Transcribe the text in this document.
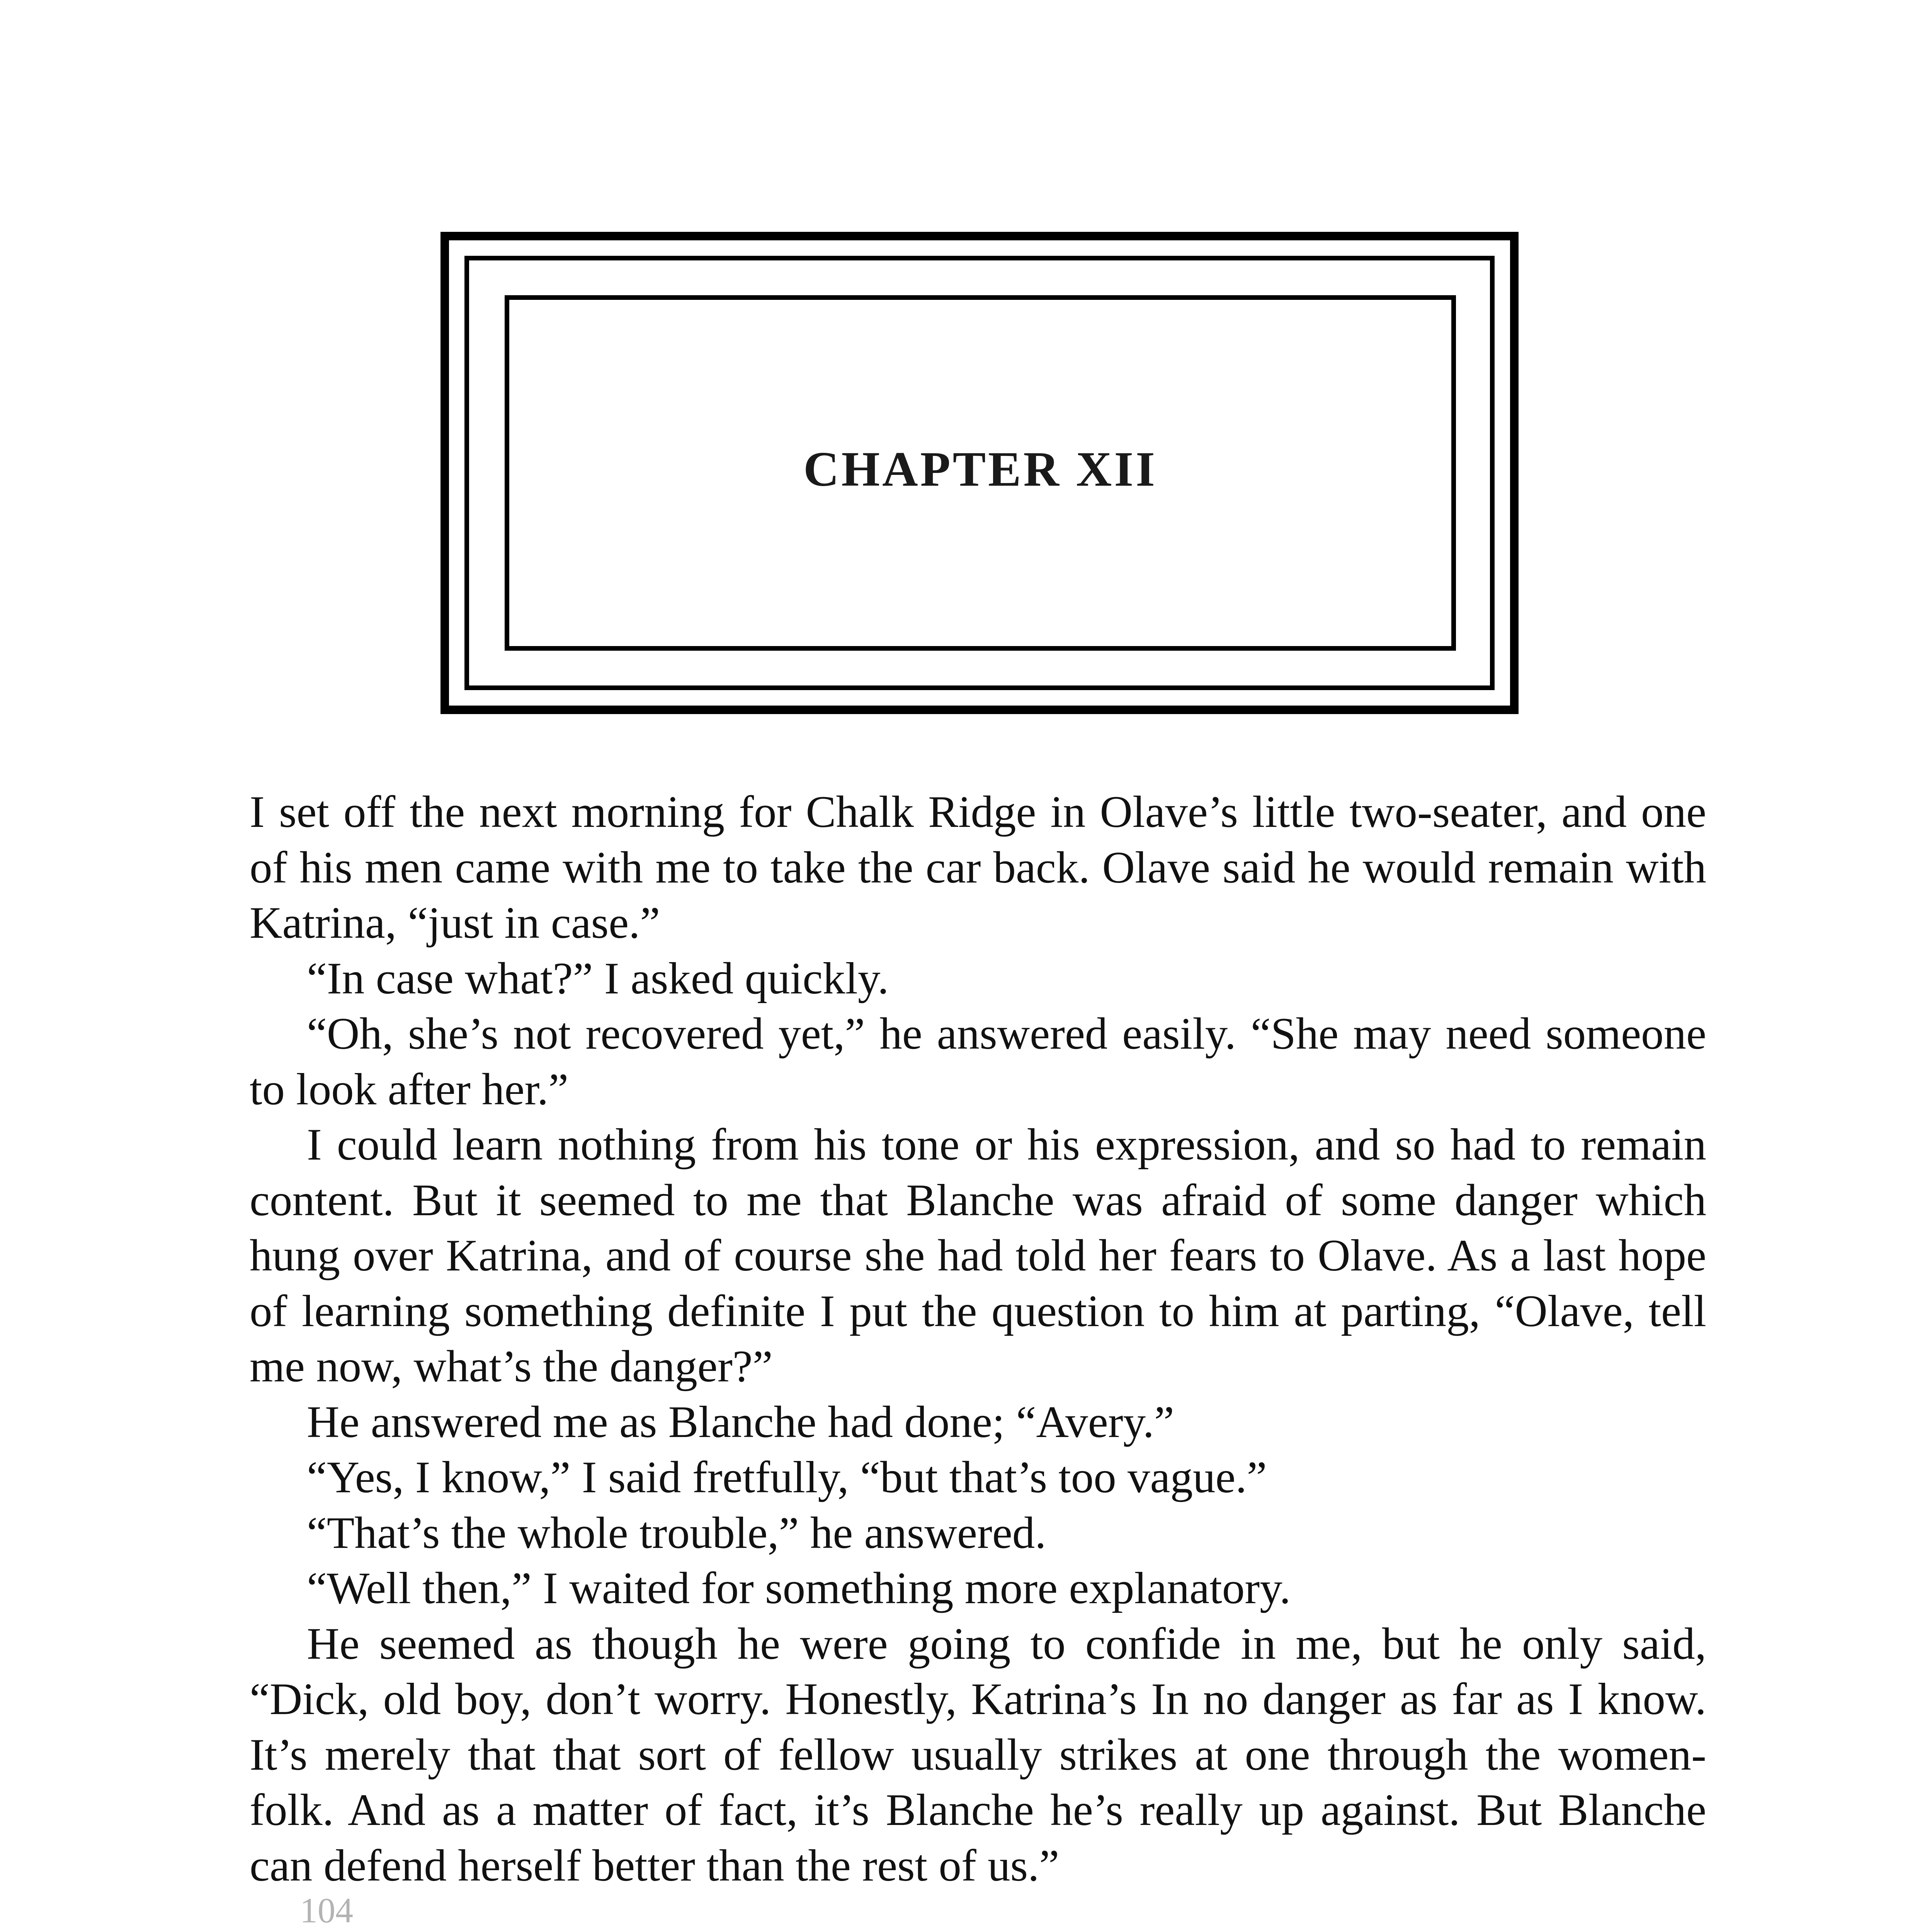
CHAPTER XII

I set off the next morning for Chalk Ridge in Olave’s little two-seater, and one of his men came with me to take the car back. Olave said he would remain with Katrina, “just in case.”

“In case what?” I asked quickly.

“Oh, she’s not recovered yet,” he answered easily. “She may need someone to look after her.”

I could learn nothing from his tone or his expression, and so had to remain content. But it seemed to me that Blanche was afraid of some danger which hung over Katrina, and of course she had told her fears to Olave. As a last hope of learning something definite I put the question to him at parting, “Olave, tell me now, what’s the danger?”

He answered me as Blanche had done; “Avery.”

“Yes, I know,” I said fretfully, “but that’s too vague.”

“That’s the whole trouble,” he answered.

“Well then,” I waited for something more explanatory.

He seemed as though he were going to confide in me, but he only said, “Dick, old boy, don’t worry. Honestly, Katrina’s In no danger as far as I know. It’s merely that that sort of fellow usually strikes at one through the women-folk. And as a matter of fact, it’s Blanche he’s really up against. But Blanche can defend herself better than the rest of us.”

104
